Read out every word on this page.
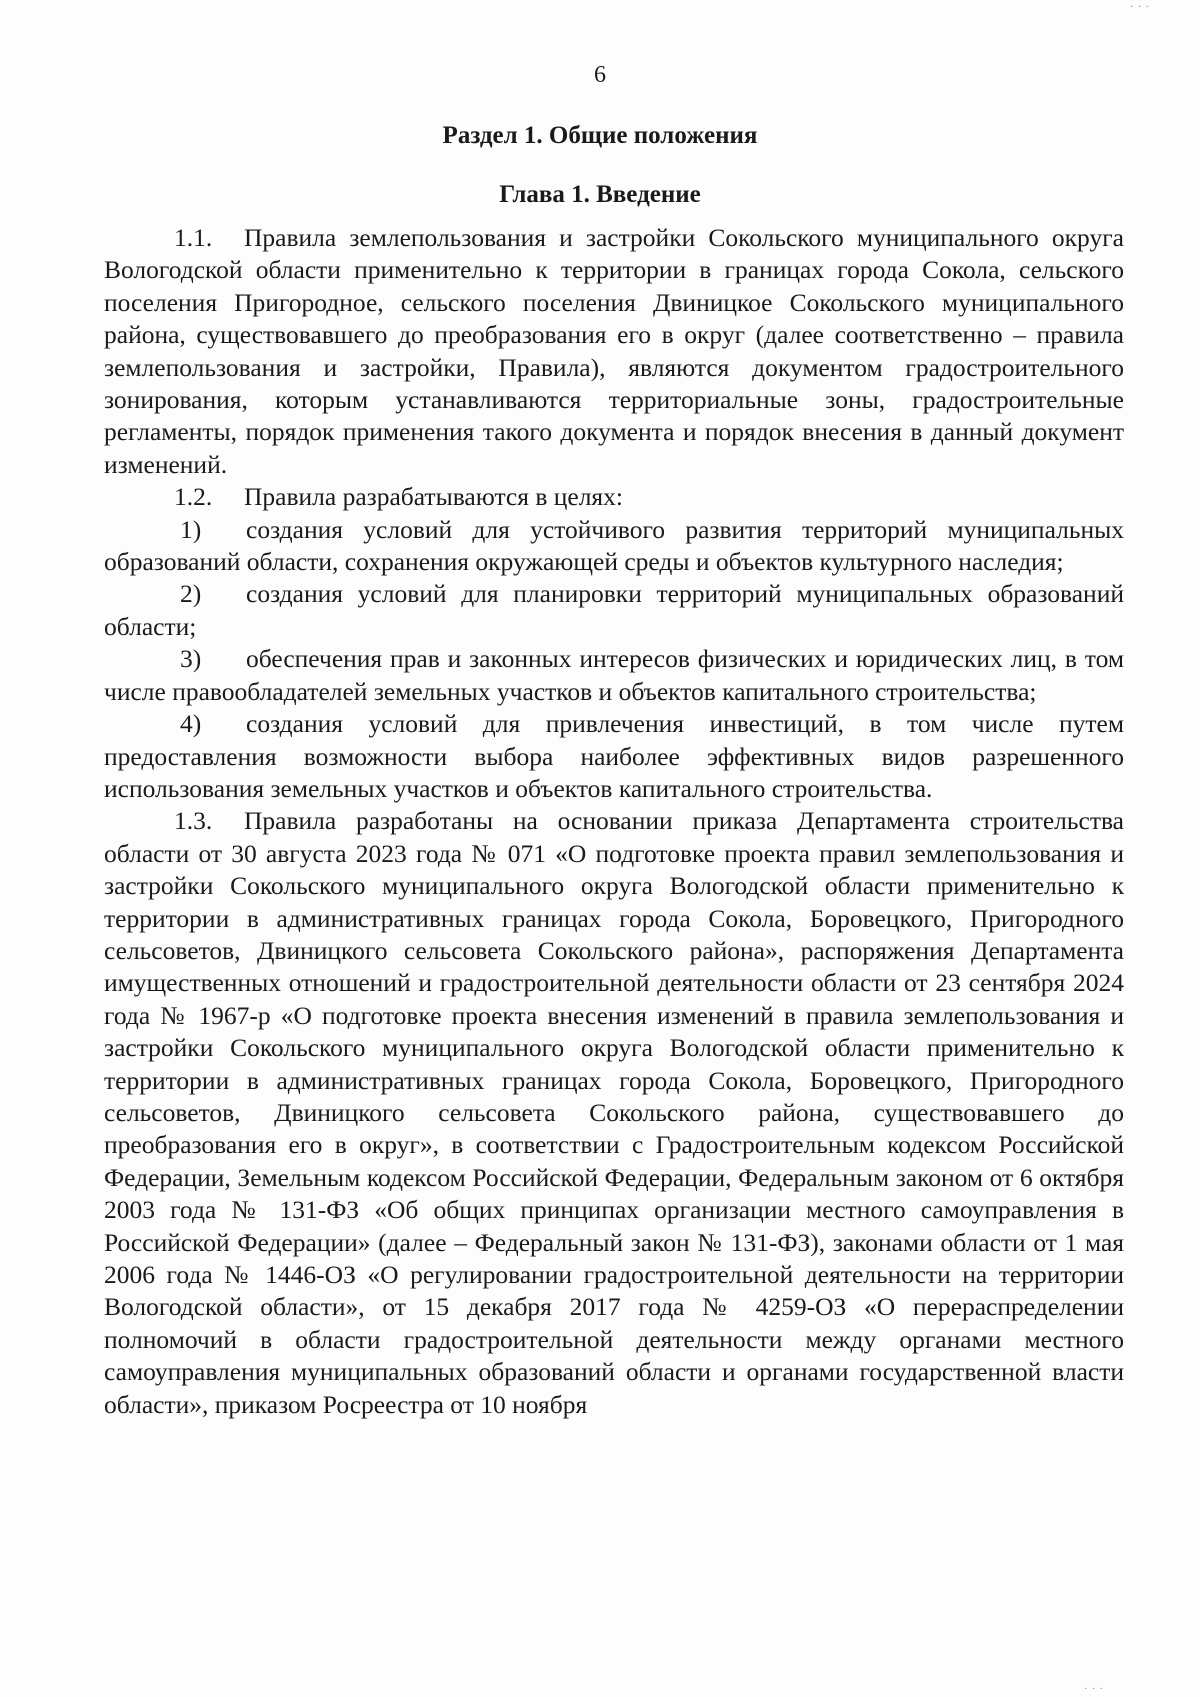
· · ·
6
Раздел 1. Общие положения
Глава 1. Введение

1.1. Правила землепользования и застройки Сокольского муниципального округа Вологодской области применительно к территории в границах города Сокола, сельского поселения Пригородное, сельского поселения Двиницкое Сокольского муниципального района, существовавшего до преобразования его в округ (далее соответственно – правила землепользования и застройки, Правила), являются документом градостроительного зонирования, которым устанавливаются территориальные зоны, градостроительные регламенты, порядок применения такого документа и порядок внесения в данный документ изменений.

1.2. Правила разрабатываются в целях:

1) создания условий для устойчивого развития территорий муниципальных образований области, сохранения окружающей среды и объектов культурного наследия;

2) создания условий для планировки территорий муниципальных образований области;

3) обеспечения прав и законных интересов физических и юридических лиц, в том числе правообладателей земельных участков и объектов капитального строительства;

4) создания условий для привлечения инвестиций, в том числе путем предоставления возможности выбора наиболее эффективных видов разрешенного использования земельных участков и объектов капитального строительства.

1.3. Правила разработаны на основании приказа Департамента строительства области от 30 августа 2023 года № 071 «О подготовке проекта правил землепользования и застройки Сокольского муниципального округа Вологодской области применительно к территории в административных границах города Сокола, Боровецкого, Пригородного сельсоветов, Двиницкого сельсовета Сокольского района», распоряжения Департамента имущественных отношений и градостроительной деятельности области от 23 сентября 2024 года № 1967-р «О подготовке проекта внесения изменений в правила землепользования и застройки Сокольского муниципального округа Вологодской области применительно к территории в административных границах города Сокола, Боровецкого, Пригородного сельсоветов, Двиницкого сельсовета Сокольского района, существовавшего до преобразования его в округ», в соответствии с Градостроительным кодексом Российской Федерации, Земельным кодексом Российской Федерации, Федеральным законом от 6 октября 2003 года № 131-ФЗ «Об общих принципах организации местного самоуправления в Российской Федерации» (далее – Федеральный закон № 131-ФЗ), законами области от 1 мая 2006 года № 1446-ОЗ «О регулировании градостроительной деятельности на территории Вологодской области», от 15 декабря 2017 года № 4259-ОЗ «О перераспределении полномочий в области градостроительной деятельности между органами местного самоуправления муниципальных образований области и органами государственной власти области», приказом Росреестра от 10 ноября

· · ·
